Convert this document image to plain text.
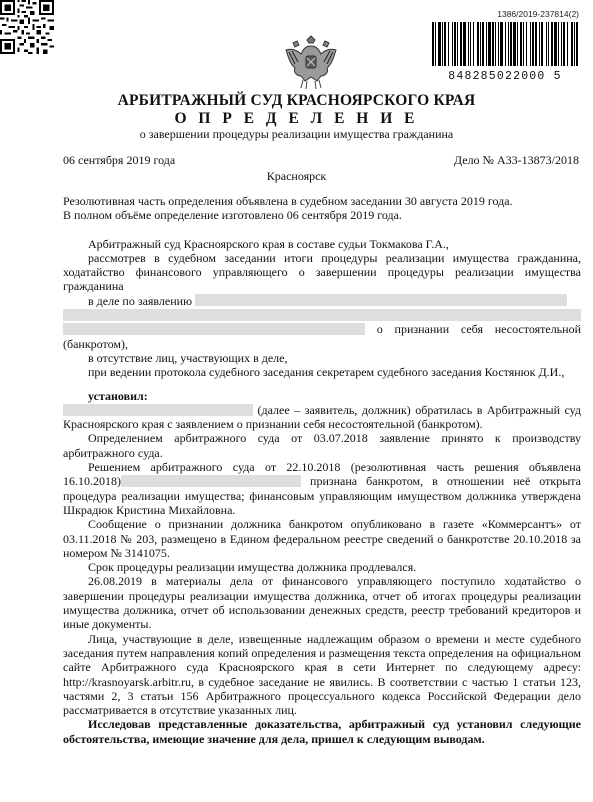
1386/2019-237814(2)
848285022000 5
АРБИТРАЖНЫЙ СУД КРАСНОЯРСКОГО КРАЯ
О П Р Е Д Е Л Е Н И Е
о завершении процедуры реализации имущества гражданина
06 сентября 2019 года	Дело № А33-13873/2018
Красноярск

Резолютивная часть определения объявлена в судебном заседании 30 августа 2019 года.

В полном объёме определение изготовлено 06 сентября 2019 года.

Арбитражный суд Красноярского края в составе судьи Токмакова Г.А.,

рассмотрев в судебном заседании итоги процедуры реализации имущества гражданина, ходатайство финансового управляющего о завершении процедуры реализации имущества гражданина

в деле по заявлению

о признании себя несостоятельной (банкротом),

в отсутствие лиц, участвующих в деле,

при ведении протокола судебного заседания секретарем судебного заседания Костянюк Д.И.,

установил:

(далее – заявитель, должник) обратилась в Арбитражный суд Красноярского края с заявлением о признании себя несостоятельной (банкротом).

Определением арбитражного суда от 03.07.2018 заявление принято к производству арбитражного суда.

Решением арбитражного суда от 22.10.2018 (резолютивная часть решения объявлена 16.10.2018)	признана банкротом, в отношении неё открыта процедура реализации имущества; финансовым управляющим имуществом должника утверждена Шкрадюк Кристина Михайловна.

Сообщение о признании должника банкротом опубликовано в газете «Коммерсантъ» от 03.11.2018 № 203, размещено в Едином федеральном реестре сведений о банкротстве 20.10.2018 за номером № 3141075.

Срок процедуры реализации имущества должника продлевался.

26.08.2019 в материалы дела от финансового управляющего поступило ходатайство о завершении процедуры реализации имущества должника, отчет об итогах процедуры реализации имущества должника, отчет об использовании денежных средств, реестр требований кредиторов и иные документы.

Лица, участвующие в деле, извещенные надлежащим образом о времени и месте судебного заседания путем направления копий определения и размещения текста определения на официальном сайте Арбитражного суда Красноярского края в сети Интернет по следующему адресу: http://krasnoyarsk.arbitr.ru, в судебное заседание не явились. В соответствии с частью 1 статьи 123, частями 2, 3 статьи 156 Арбитражного процессуального кодекса Российской Федерации дело рассматривается в отсутствие указанных лиц.

Исследовав представленные доказательства, арбитражный суд установил следующие обстоятельства, имеющие значение для дела, пришел к следующим выводам.
